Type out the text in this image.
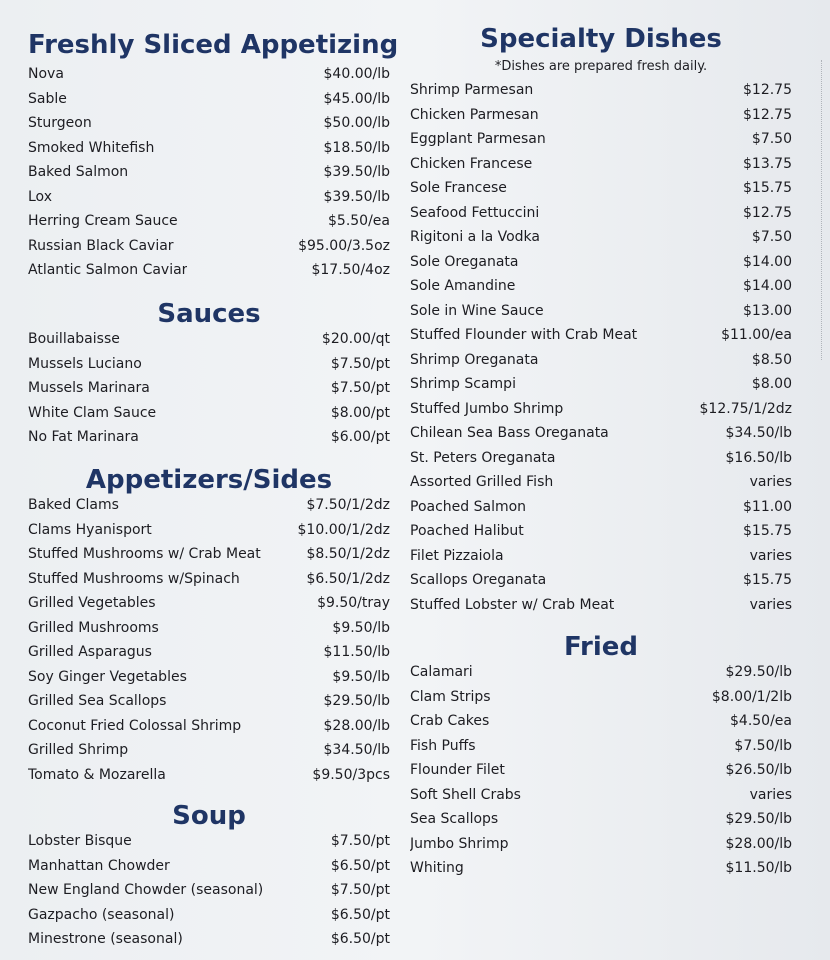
Freshly Sliced Appetizing
Nova	$40.00/lb
Sable	$45.00/lb
Sturgeon	$50.00/lb
Smoked Whitefish	$18.50/lb
Baked Salmon	$39.50/lb
Lox	$39.50/lb
Herring Cream Sauce	$5.50/ea
Russian Black Caviar	$95.00/3.5oz
Atlantic Salmon Caviar	$17.50/4oz
Sauces
Bouillabaisse	$20.00/qt
Mussels Luciano	$7.50/pt
Mussels Marinara	$7.50/pt
White Clam Sauce	$8.00/pt
No Fat Marinara	$6.00/pt
Appetizers/Sides
Baked Clams	$7.50/1/2dz
Clams Hyanisport	$10.00/1/2dz
Stuffed Mushrooms w/ Crab Meat	$8.50/1/2dz
Stuffed Mushrooms w/Spinach	$6.50/1/2dz
Grilled Vegetables	$9.50/tray
Grilled Mushrooms	$9.50/lb
Grilled Asparagus	$11.50/lb
Soy Ginger Vegetables	$9.50/lb
Grilled Sea Scallops	$29.50/lb
Coconut Fried Colossal Shrimp	$28.00/lb
Grilled Shrimp	$34.50/lb
Tomato & Mozarella	$9.50/3pcs
Soup
Lobster Bisque	$7.50/pt
Manhattan Chowder	$6.50/pt
New England Chowder (seasonal)	$7.50/pt
Gazpacho (seasonal)	$6.50/pt
Minestrone (seasonal)	$6.50/pt
Specialty Dishes
*Dishes are prepared fresh daily.
Shrimp Parmesan	$12.75
Chicken Parmesan	$12.75
Eggplant Parmesan	$7.50
Chicken Francese	$13.75
Sole Francese	$15.75
Seafood Fettuccini	$12.75
Rigitoni a la Vodka	$7.50
Sole Oreganata	$14.00
Sole Amandine	$14.00
Sole in Wine Sauce	$13.00
Stuffed Flounder with Crab Meat	$11.00/ea
Shrimp Oreganata	$8.50
Shrimp Scampi	$8.00
Stuffed Jumbo Shrimp	$12.75/1/2dz
Chilean Sea Bass Oreganata	$34.50/lb
St. Peters Oreganata	$16.50/lb
Assorted Grilled Fish	varies
Poached Salmon	$11.00
Poached Halibut	$15.75
Filet Pizzaiola	varies
Scallops Oreganata	$15.75
Stuffed Lobster w/ Crab Meat	varies
Fried
Calamari	$29.50/lb
Clam Strips	$8.00/1/2lb
Crab Cakes	$4.50/ea
Fish Puffs	$7.50/lb
Flounder Filet	$26.50/lb
Soft Shell Crabs	varies
Sea Scallops	$29.50/lb
Jumbo Shrimp	$28.00/lb
Whiting	$11.50/lb
